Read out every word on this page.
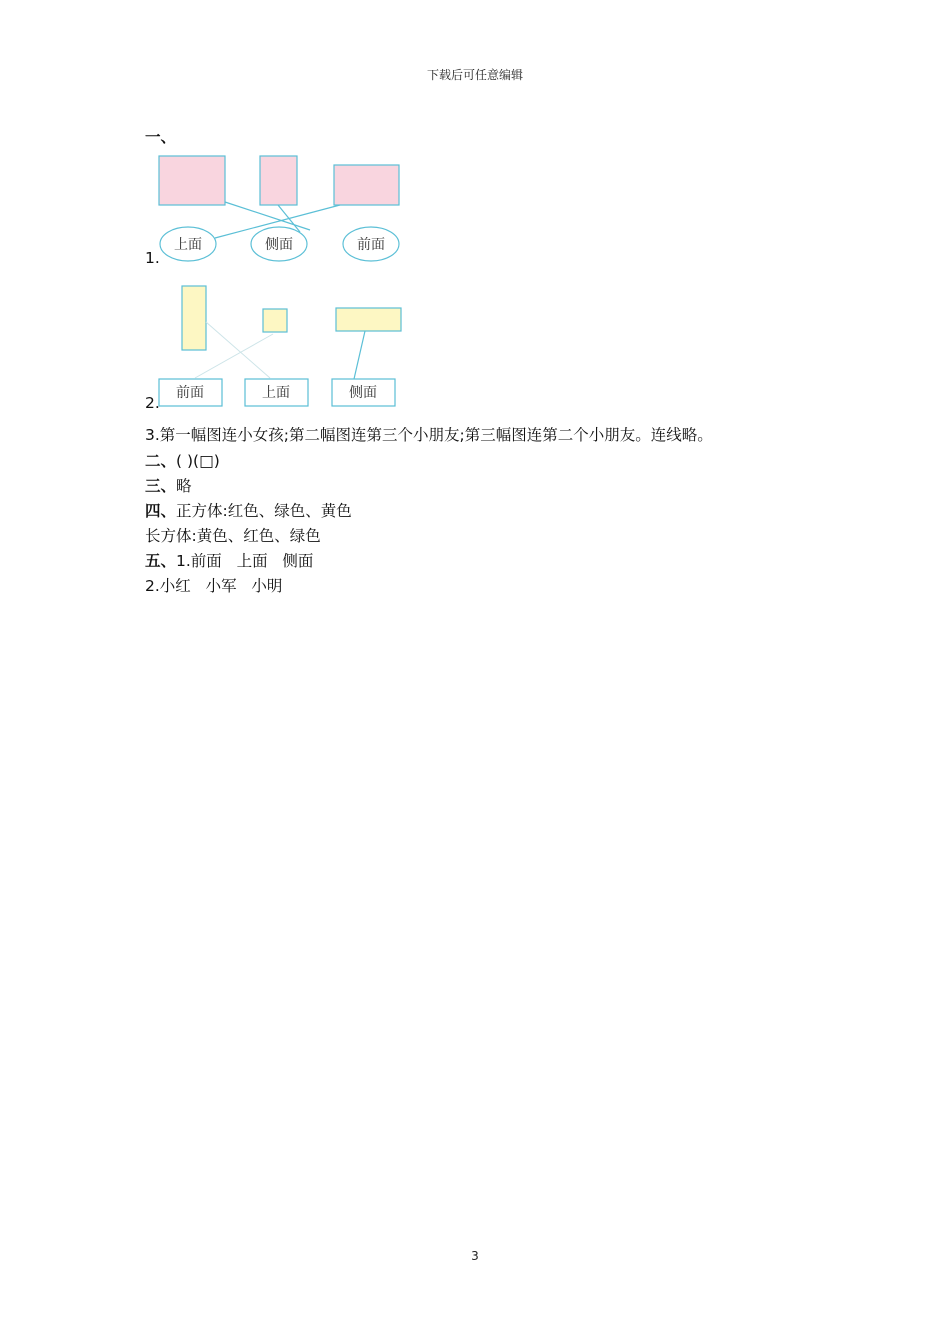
下载后可任意编辑
一、
上面	侧面	前面
1.
前面	上面	侧面
2.
3.第一幅图连小女孩;第二幅图连第三个小朋友;第三幅图连第二个小朋友。连线略。
二、( )(□)
三、略
四、正方体:红色、绿色、黄色
长方体:黄色、红色、绿色
五、1.前面   上面   侧面
2.小红   小军   小明
3
